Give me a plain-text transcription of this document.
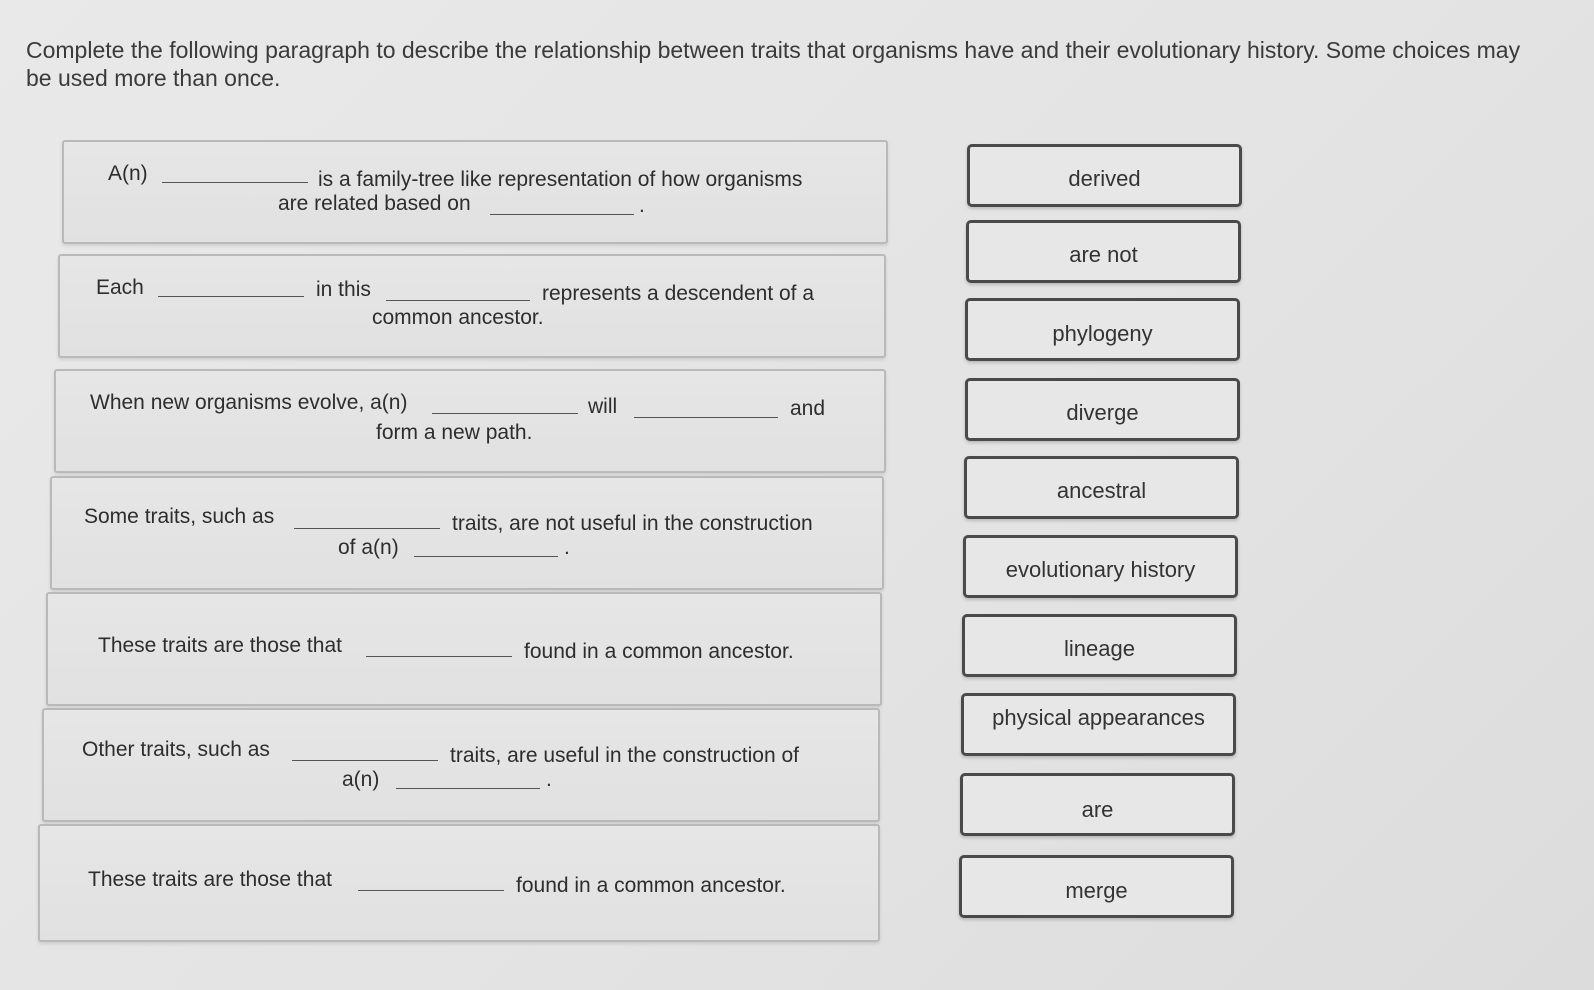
Complete the following paragraph to describe the relationship between traits that organisms have and their evolutionary history. Some choices may be used more than once.
A(n)	is a family-tree like representation of how organisms
are related based on	.
Each	in this	represents a descendent of a
common ancestor.
When new organisms evolve, a(n)	will	and
form a new path.
Some traits, such as	traits, are not useful in the construction
of a(n)	.
These traits are those that	found in a common ancestor.
Other traits, such as	traits, are useful in the construction of
a(n)	.
These traits are those that	found in a common ancestor.
derived
are not
phylogeny
diverge
ancestral
evolutionary history
lineage
physical appearances
are
merge
